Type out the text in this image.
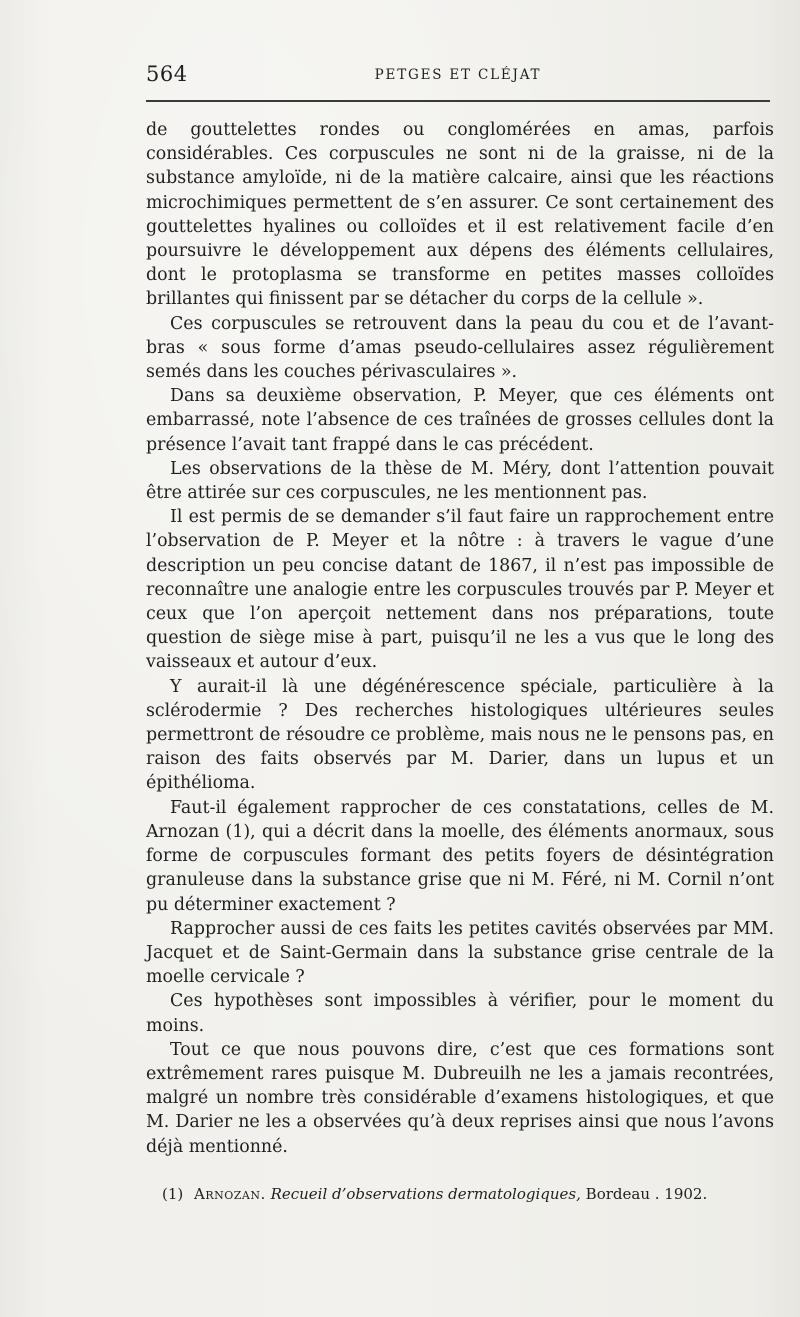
564	PETGES ET CLÉJAT

de gouttelettes rondes ou conglomérées en amas, parfois considérables. Ces corpuscules ne sont ni de la graisse, ni de la substance amyloïde, ni de la matière calcaire, ainsi que les réactions microchimiques permettent de s’en assurer. Ce sont certainement des gouttelettes hyalines ou colloïdes et il est relativement facile d’en poursuivre le développement aux dépens des éléments cellulaires, dont le protoplasma se transforme en petites masses colloïdes brillantes qui finissent par se détacher du corps de la cellule ».

Ces corpuscules se retrouvent dans la peau du cou et de l’avant-bras « sous forme d’amas pseudo-cellulaires assez régulièrement semés dans les couches périvasculaires ».

Dans sa deuxième observation, P. Meyer, que ces éléments ont embarrassé, note l’absence de ces traînées de grosses cellules dont la présence l’avait tant frappé dans le cas précédent.

Les observations de la thèse de M. Méry, dont l’attention pouvait être attirée sur ces corpuscules, ne les mentionnent pas.

Il est permis de se demander s’il faut faire un rapprochement entre l’observation de P. Meyer et la nôtre : à travers le vague d’une description un peu concise datant de 1867, il n’est pas impossible de reconnaître une analogie entre les corpuscules trouvés par P. Meyer et ceux que l’on aperçoit nettement dans nos préparations, toute question de siège mise à part, puisqu’il ne les a vus que le long des vaisseaux et autour d’eux.

Y aurait-il là une dégénérescence spéciale, particulière à la sclérodermie ? Des recherches histologiques ultérieures seules permettront de résoudre ce problème, mais nous ne le pensons pas, en raison des faits observés par M. Darier, dans un lupus et un épithélioma.

Faut-il également rapprocher de ces constatations, celles de M. Arnozan (1), qui a décrit dans la moelle, des éléments anormaux, sous forme de corpuscules formant des petits foyers de désintégration granuleuse dans la substance grise que ni M. Féré, ni M. Cornil n’ont pu déterminer exactement ?

Rapprocher aussi de ces faits les petites cavités observées par MM. Jacquet et de Saint-Germain dans la substance grise centrale de la moelle cervicale ?

Ces hypothèses sont impossibles à vérifier, pour le moment du moins.

Tout ce que nous pouvons dire, c’est que ces formations sont extrêmement rares puisque M. Dubreuilh ne les a jamais recontrées, malgré un nombre très considérable d’examens histologiques, et que M. Darier ne les a observées qu’à deux reprises ainsi que nous l’avons déjà mentionné.

(1) Arnozan. Recueil d’observations dermatologiques, Bordeau . 1902.
